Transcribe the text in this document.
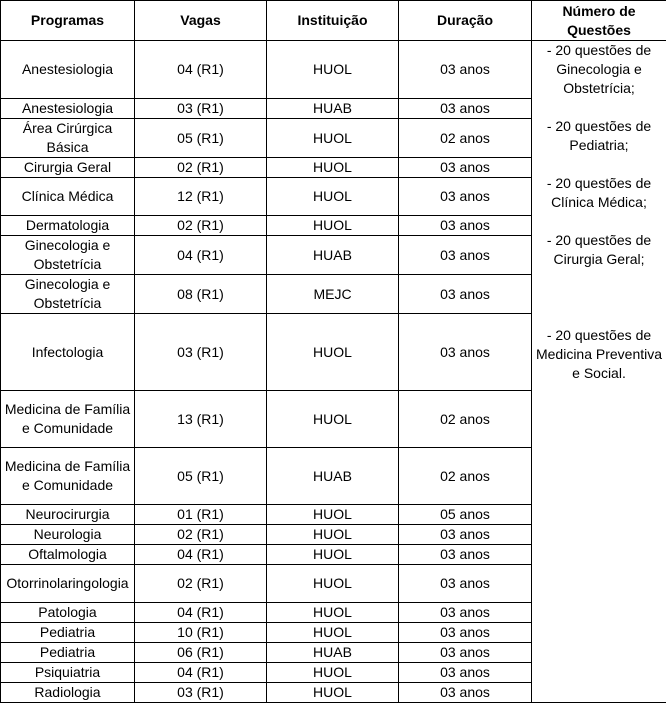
Programas	Vagas	Instituição	Duração	Número de Questões
Anestesiologia	04 (R1)	HUOL	03 anos	- 20 questões de Ginecologia e Obstetrícia;
- 20 questões de Pediatria;
- 20 questões de Clínica Médica;
- 20 questões de Cirurgia Geral;
- 20 questões de Medicina Preventiva e Social.

Anestesiologia	03 (R1)	HUAB	03 anos	
Área Cirúrgica Básica	05 (R1)	HUOL	02 anos	
Cirurgia Geral	02 (R1)	HUOL	03 anos	
Clínica Médica	12 (R1)	HUOL	03 anos	
Dermatologia	02 (R1)	HUOL	03 anos	
Ginecologia e Obstetrícia	04 (R1)	HUAB	03 anos	
Ginecologia e Obstetrícia	08 (R1)	MEJC	03 anos	
Infectologia	03 (R1)	HUOL	03 anos	
Medicina de Família e Comunidade	13 (R1)	HUOL	02 anos	
Medicina de Família e Comunidade	05 (R1)	HUAB	02 anos	
Neurocirurgia	01 (R1)	HUOL	05 anos	
Neurologia	02 (R1)	HUOL	03 anos	
Oftalmologia	04 (R1)	HUOL	03 anos	
Otorrinolaringologia	02 (R1)	HUOL	03 anos	
Patologia	04 (R1)	HUOL	03 anos	
Pediatria	10 (R1)	HUOL	03 anos	
Pediatria	06 (R1)	HUAB	03 anos	
Psiquiatria	04 (R1)	HUOL	03 anos	
Radiologia	03 (R1)	HUOL	03 anos	
